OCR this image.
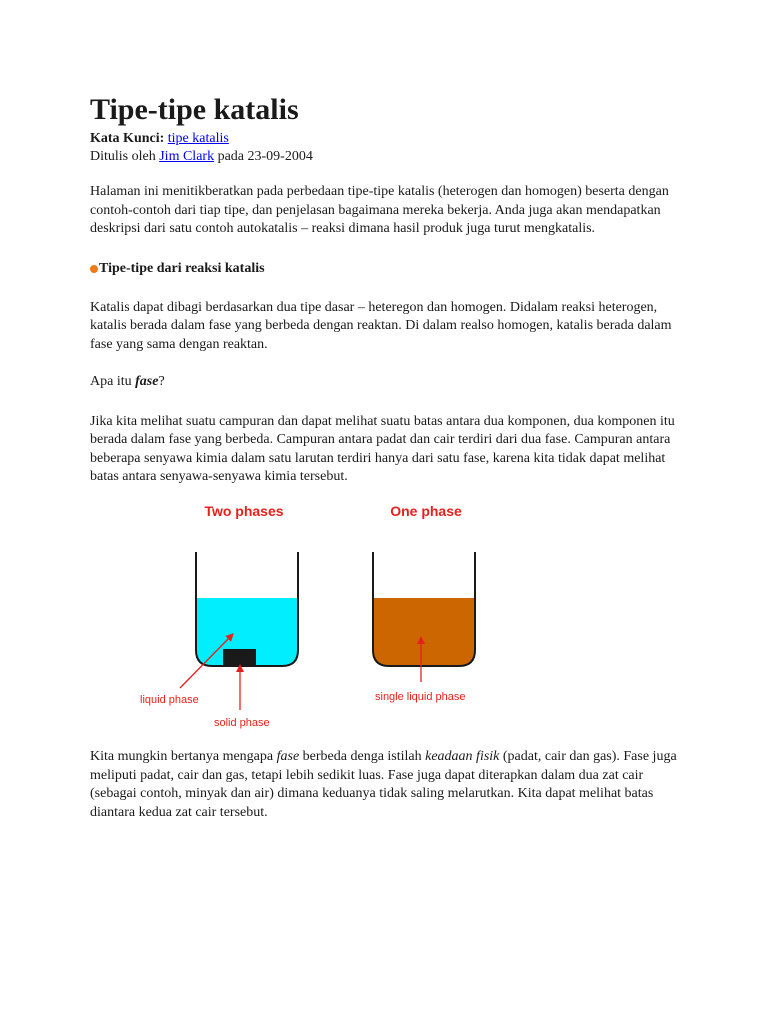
Tipe-tipe katalis
Kata Kunci: tipe katalis
Ditulis oleh Jim Clark pada 23-09-2004

Halaman ini menitikberatkan pada perbedaan tipe-tipe katalis (heterogen dan homogen) beserta dengan contoh-contoh dari tiap tipe, dan penjelasan bagaimana mereka bekerja. Anda juga akan mendapatkan deskripsi dari satu contoh autokatalis – reaksi dimana hasil produk juga turut mengkatalis.

Tipe-tipe dari reaksi katalis

Katalis dapat dibagi berdasarkan dua tipe dasar – heteregon dan homogen. Didalam reaksi heterogen, katalis berada dalam fase yang berbeda dengan reaktan. Di dalam realso homogen, katalis berada dalam fase yang sama dengan reaktan.

Apa itu fase?

Jika kita melihat suatu campuran dan dapat melihat suatu batas antara dua komponen, dua komponen itu berada dalam fase yang berbeda. Campuran antara padat dan cair terdiri dari dua fase. Campuran antara beberapa senyawa kimia dalam satu larutan terdiri hanya dari satu fase, karena kita tidak dapat melihat batas antara senyawa-senyawa kimia tersebut.

Two phases	One phase
liquid phase
solid phase
single liquid phase

Kita mungkin bertanya mengapa fase berbeda denga istilah keadaan fisik (padat, cair dan gas). Fase juga meliputi padat, cair dan gas, tetapi lebih sedikit luas. Fase juga dapat diterapkan dalam dua zat cair (sebagai contoh, minyak dan air) dimana keduanya tidak saling melarutkan. Kita dapat melihat batas diantara kedua zat cair tersebut.
